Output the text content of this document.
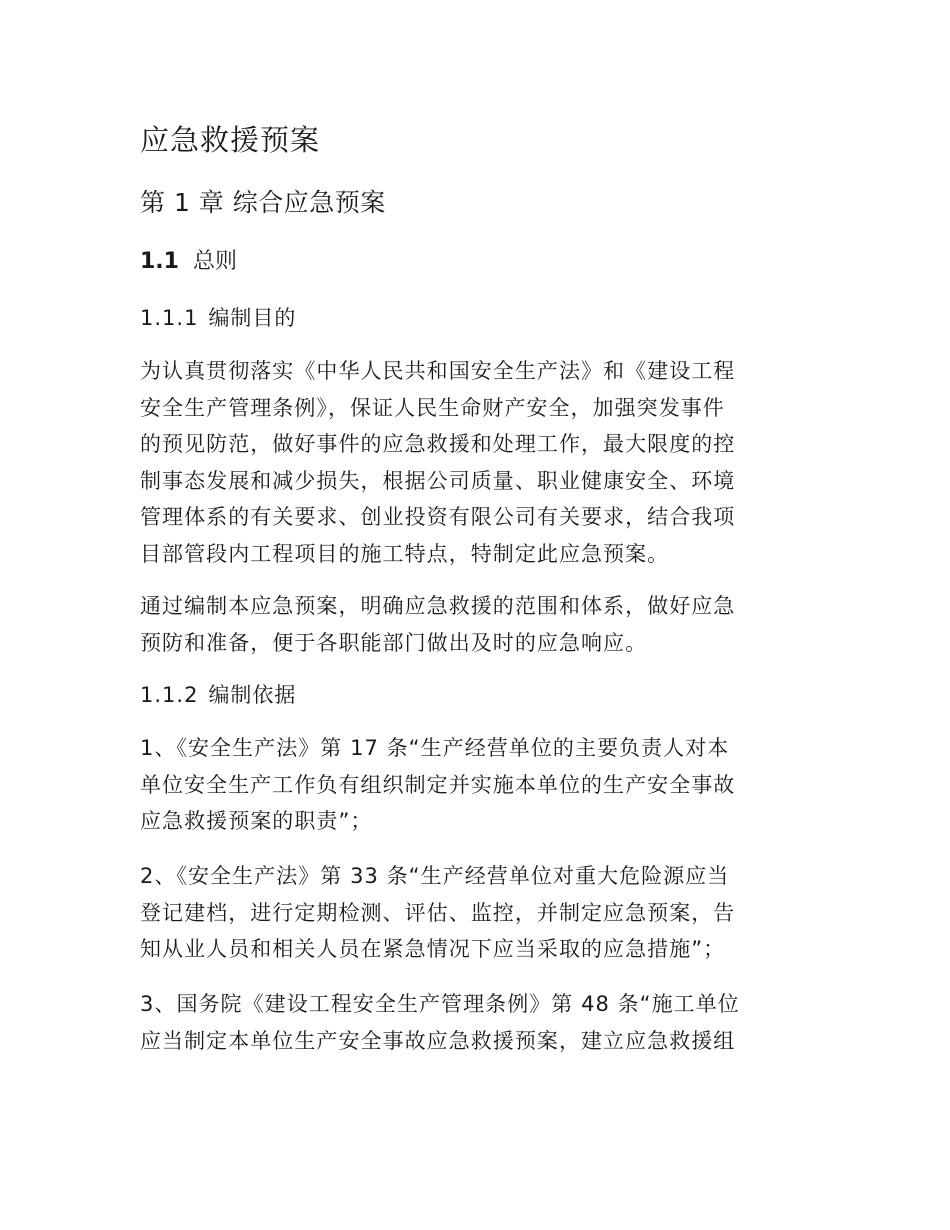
应急救援预案
第 1 章 综合应急预案
1.1 总则
1.1.1 编制目的
为认真贯彻落实《中华人民共和国安全生产法》和《建设工程
安全生产管理条例》，保证人民生命财产安全，加强突发事件
的预见防范，做好事件的应急救援和处理工作，最大限度的控
制事态发展和减少损失，根据公司质量、职业健康安全、环境
管理体系的有关要求、创业投资有限公司有关要求，结合我项
目部管段内工程项目的施工特点，特制定此应急预案。
通过编制本应急预案，明确应急救援的范围和体系，做好应急
预防和准备，便于各职能部门做出及时的应急响应。
1.1.2 编制依据
1、《安全生产法》第 17 条“生产经营单位的主要负责人对本
单位安全生产工作负有组织制定并实施本单位的生产安全事故
应急救援预案的职责”；
2、《安全生产法》第 33 条“生产经营单位对重大危险源应当
登记建档，进行定期检测、评估、监控，并制定应急预案，告
知从业人员和相关人员在紧急情况下应当采取的应急措施”；
3、国务院《建设工程安全生产管理条例》第 48 条“施工单位
应当制定本单位生产安全事故应急救援预案，建立应急救援组
